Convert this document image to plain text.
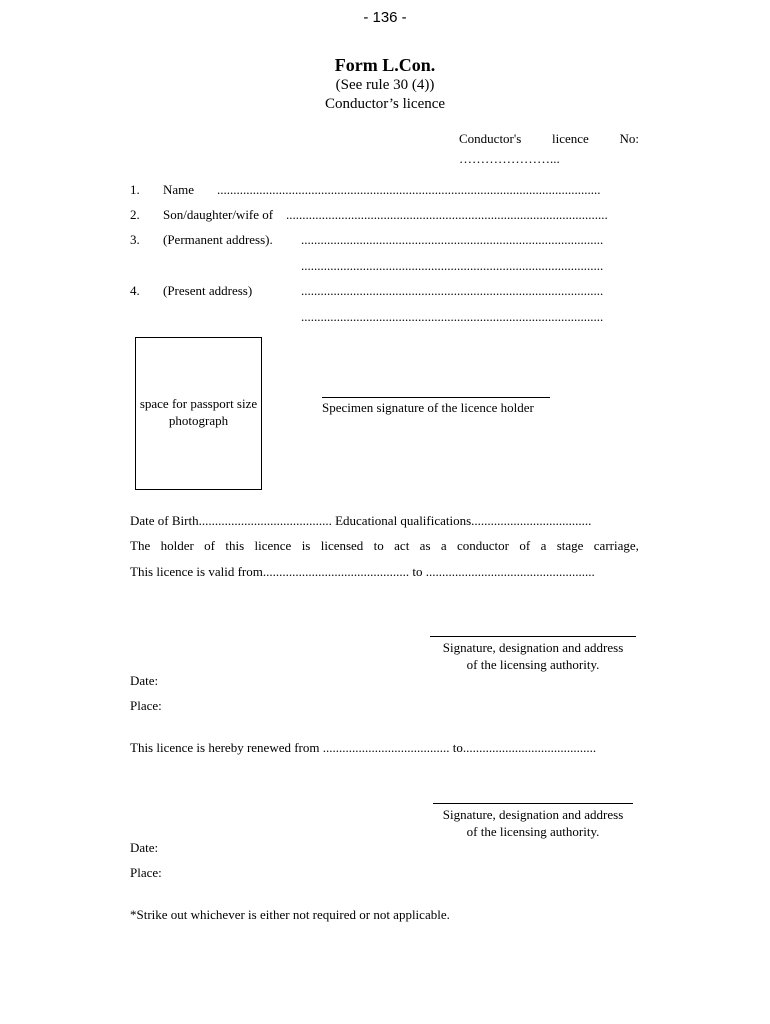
- 136 -
Form L.Con.
(See rule 30 (4))
Conductor’s licence
Conductor's licence No:
…………………...
1. Name ......................................................................................................................
2. Son/daughter/wife of ...................................................................................................
3. (Permanent address). .............................................................................................
.............................................................................................
4. (Present address)	.............................................................................................
.............................................................................................
space for passport size photograph
Specimen signature of the licence holder
Date of Birth......................................... Educational qualifications.....................................
The holder of this licence is licensed to act as a conductor of a stage carriage,
This licence is valid from............................................. to ....................................................
Signature, designation and address
of the licensing authority.
Date:
Place:
This licence is hereby renewed from ....................................... to.........................................
Signature, designation and address
of the licensing authority.
Date:
Place:
*Strike out whichever is either not required or not applicable.
